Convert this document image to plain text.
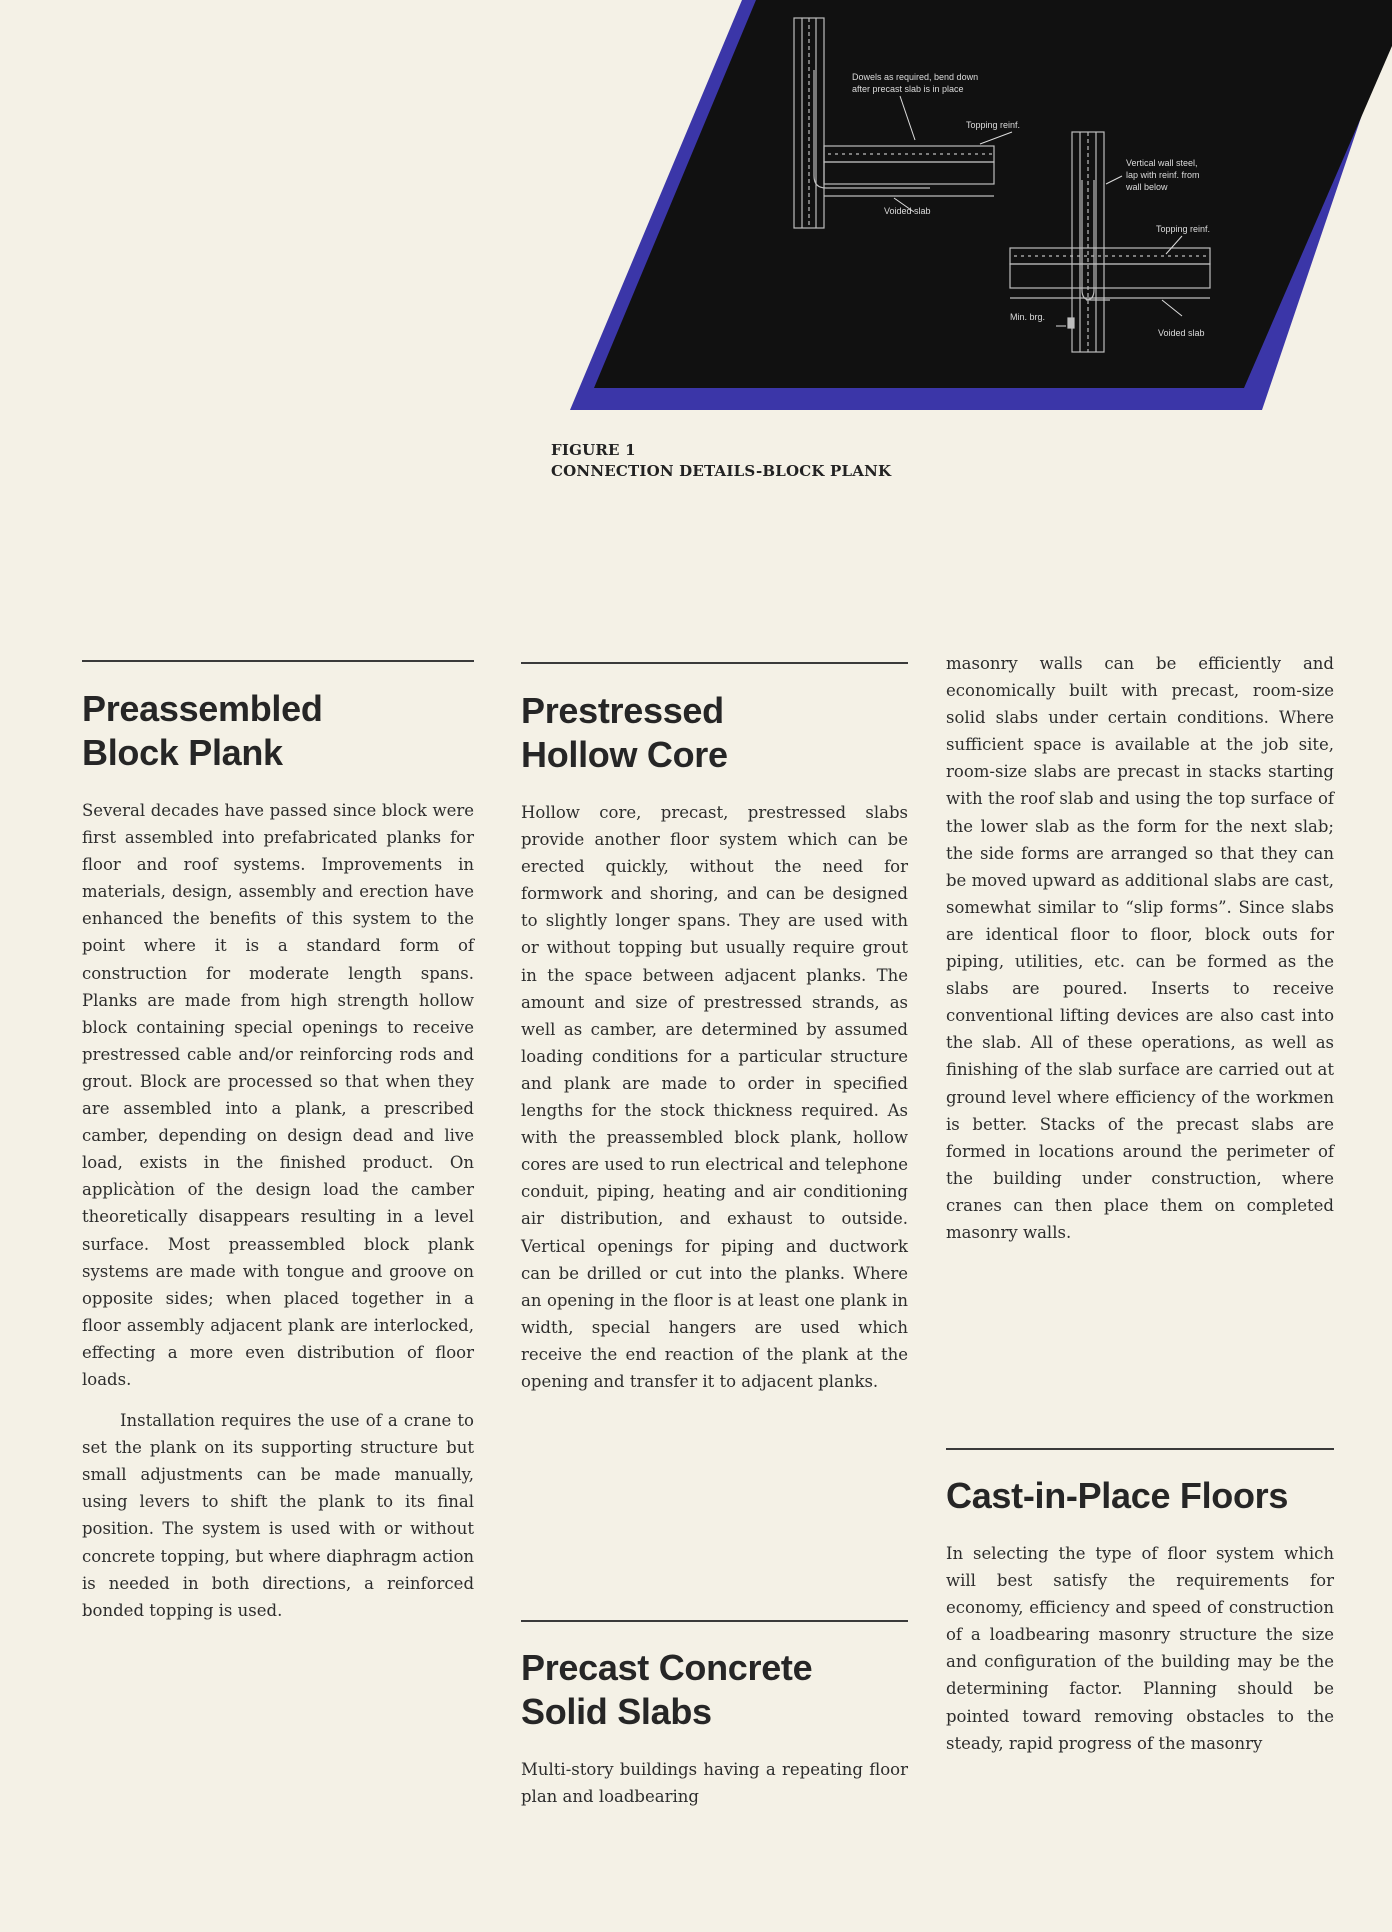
Dowels as required, bend down
after precast slab is in place
Topping reinf.
Voided slab
Vertical wall steel,
lap with reinf. from
wall below
Topping reinf.
Min. brg.
Voided slab
FIGURE 1
CONNECTION DETAILS-BLOCK PLANK
Preassembled
Block Plank

Several decades have passed since block were first assembled into prefabricated planks for floor and roof systems. Improvements in materials, design, assembly and erection have enhanced the benefits of this system to the point where it is a standard form of construction for moderate length spans. Planks are made from high strength hollow block containing special openings to receive prestressed cable and/or reinforcing rods and grout. Block are processed so that when they are assembled into a plank, a prescribed camber, depending on design dead and live load, exists in the finished product. On applicàtion of the design load the camber theoretically disappears resulting in a level surface. Most preassembled block plank systems are made with tongue and groove on opposite sides; when placed together in a floor assembly adjacent plank are interlocked, effecting a more even distribution of floor loads.

Installation requires the use of a crane to set the plank on its supporting structure but small adjustments can be made manually, using levers to shift the plank to its final position. The system is used with or without concrete topping, but where diaphragm action is needed in both directions, a reinforced bonded topping is used.

Prestressed
Hollow Core

Hollow core, precast, prestressed slabs provide another floor system which can be erected quickly, without the need for formwork and shoring, and can be designed to slightly longer spans. They are used with or without topping but usually require grout in the space between adjacent planks. The amount and size of prestressed strands, as well as camber, are determined by assumed loading conditions for a particular structure and plank are made to order in specified lengths for the stock thickness required. As with the preassembled block plank, hollow cores are used to run electrical and telephone conduit, piping, heating and air conditioning air distribution, and exhaust to outside. Vertical openings for piping and ductwork can be drilled or cut into the planks. Where an opening in the floor is at least one plank in width, special hangers are used which receive the end reaction of the plank at the opening and transfer it to adjacent planks.

Precast Concrete
Solid Slabs

Multi-story buildings having a repeating floor plan and loadbearing

masonry walls can be efficiently and economically built with precast, room-size solid slabs under certain conditions. Where sufficient space is available at the job site, room-size slabs are precast in stacks starting with the roof slab and using the top surface of the lower slab as the form for the next slab; the side forms are arranged so that they can be moved upward as additional slabs are cast, somewhat similar to “slip forms”. Since slabs are identical floor to floor, block outs for piping, utilities, etc. can be formed as the slabs are poured. Inserts to receive conventional lifting devices are also cast into the slab. All of these operations, as well as finishing of the slab surface are carried out at ground level where efficiency of the workmen is better. Stacks of the precast slabs are formed in locations around the perimeter of the building under construction, where cranes can then place them on completed masonry walls.

Cast-in-Place Floors

In selecting the type of floor system which will best satisfy the requirements for economy, efficiency and speed of construction of a loadbearing masonry structure the size and configuration of the building may be the determining factor. Planning should be pointed toward removing obstacles to the steady, rapid progress of the masonry
